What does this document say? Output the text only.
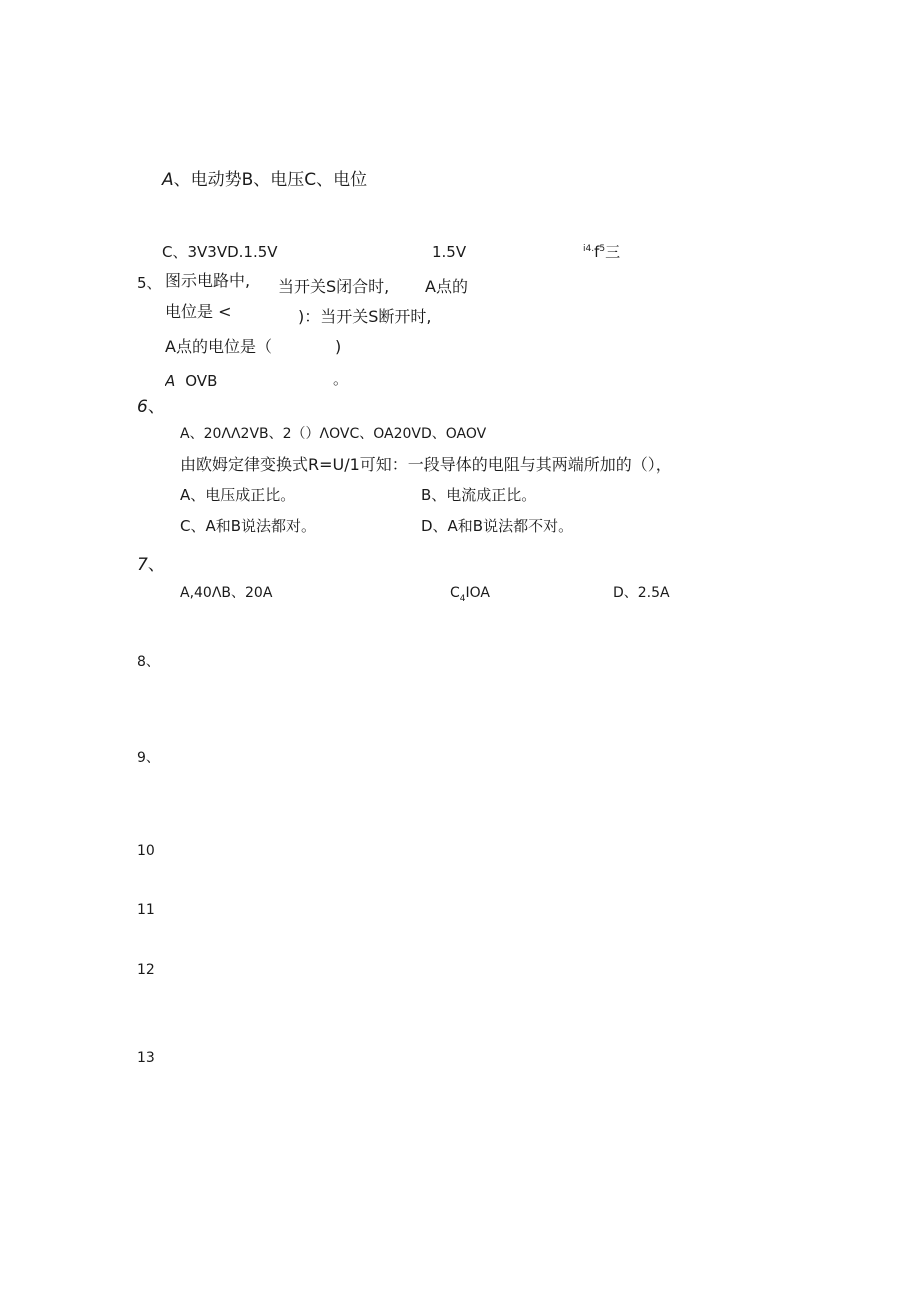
A、电动势B、电压C、电位
C、3V3VD.1.5V	1.5V	$^{i4.}f^5$三
5、 图示电路中, 当开关S闭合时, A点的
电位是 <	)：当开关S断开时,
A点的电位是（	)
A OVB	。
6、
A、20ΛΛ2VB、2（）ΛOVC、OA20VD、OAOV
由欧姆定律变换式R=U/1可知：一段导体的电阻与其两端所加的（），
A、电压成正比。	B、电流成正比。
C、A和B说法都对。	D、A和B说法都不对。
7、
A,40ΛB、20A	$C_4IOA$	D、2.5A
8、
9、
10
11
12
13
